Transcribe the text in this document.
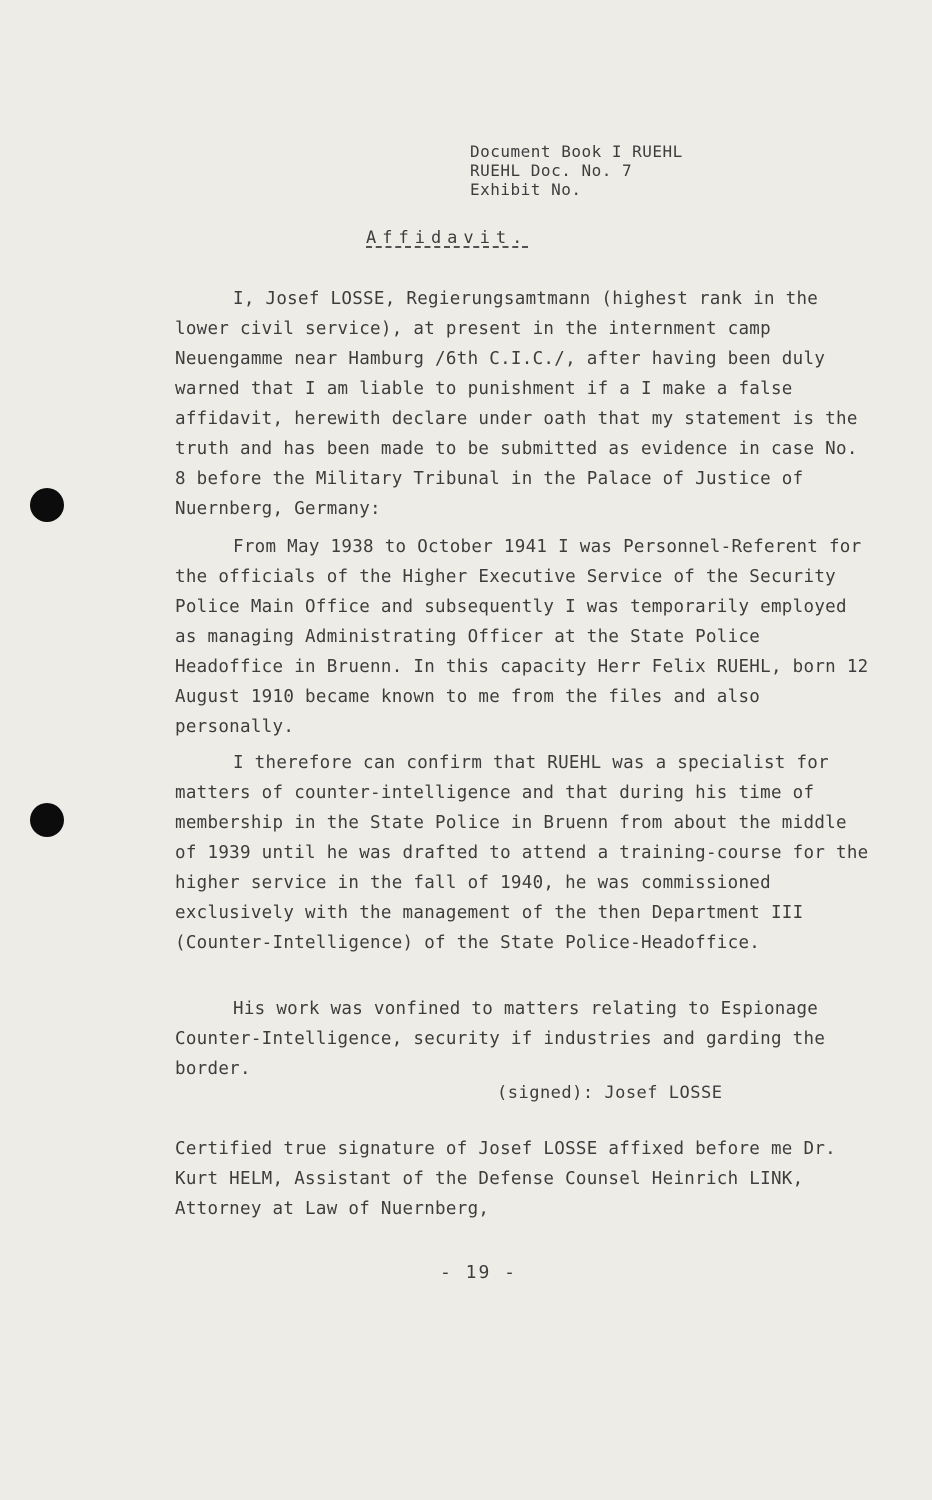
Document Book I RUEHL
RUEHL Doc. No. 7
Exhibit No.
Affidavit.

I, Josef LOSSE, Regierungsamtmann (highest rank in the lower civil service), at present in the internment camp Neuengamme near Hamburg /6th C.I.C./, after having been duly warned that I am liable to punishment if a I make a false affidavit, herewith declare under oath that my statement is the truth and has been made to be submitted as evidence in case No. 8 before the Military Tribunal in the Palace of Justice of Nuernberg, Germany:

From May 1938 to October 1941 I was Personnel-Referent for the officials of the Higher Executive Service of the Security Police Main Office and subsequently I was temporarily employed as managing Administrating Officer at the State Police Headoffice in Bruenn. In this capacity Herr Felix RUEHL, born 12 August 1910 became known to me from the files and also personally.

I therefore can confirm that RUEHL was a specialist for matters of counter-intelligence and that during his time of membership in the State Police in Bruenn from about the middle of 1939 until he was drafted to attend a training-course for the higher service in the fall of 1940, he was commissioned exclusively with the management of the then Department III (Counter-Intelligence) of the State Police-Headoffice.

His work was vonfined to matters relating to Espionage Counter-Intelligence, security if industries and garding the border.

(signed): Josef LOSSE

Certified true signature of Josef LOSSE affixed before me Dr. Kurt HELM, Assistant of the Defense Counsel Heinrich LINK, Attorney at Law of Nuernberg,

- 19 -
